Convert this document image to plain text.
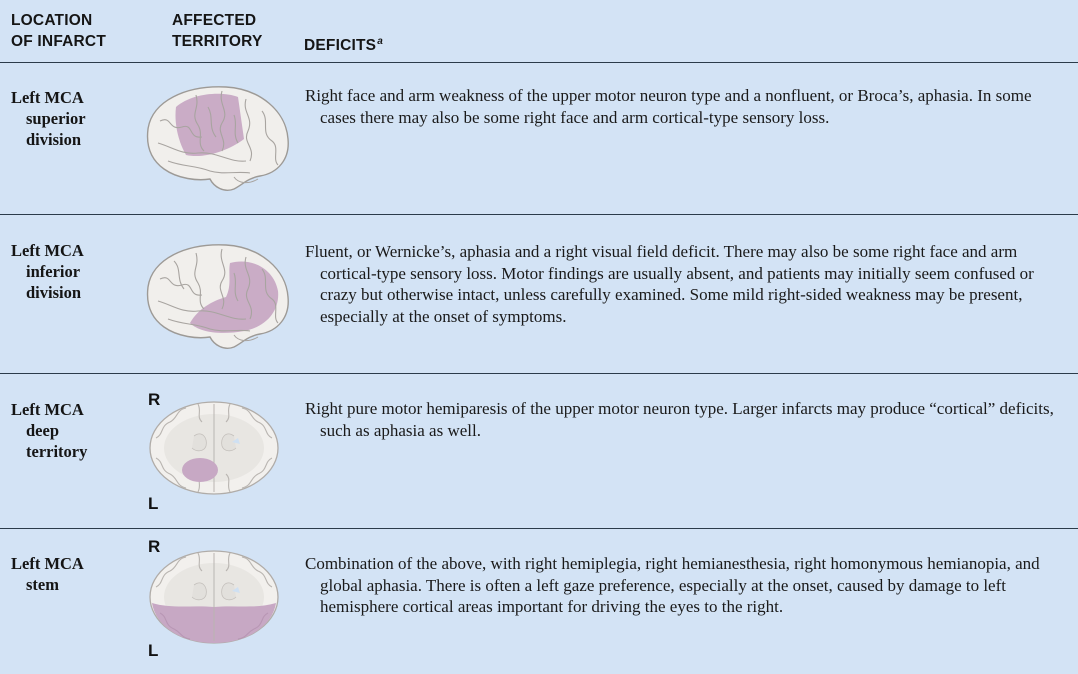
LOCATION
OF INFARCT
AFFECTED
TERRITORY	DEFICITS$^a$
Left MCA
superior
division
Right face and arm weakness of the upper motor neuron type and a nonfluent, or Broca’s, aphasia. In some cases there may also be some right face and arm cortical-type sensory loss.
Left MCA
inferior
division
Fluent, or Wernicke’s, aphasia and a right visual field deficit. There may also be some right face and arm cortical-type sensory loss. Motor findings are usually absent, and patients may initially seem confused or crazy but otherwise intact, unless carefully examined. Some mild right-sided weakness may be present, especially at the onset of symptoms.
Left MCA
deep
territory
R
L
Right pure motor hemiparesis of the upper motor neuron type. Larger infarcts may produce “cortical” deficits, such as aphasia as well.
Left MCA
stem
R
L
Combination of the above, with right hemiplegia, right hemianesthesia, right homonymous hemianopia, and global aphasia. There is often a left gaze preference, especially at the onset, caused by damage to left hemisphere cortical areas important for driving the eyes to the right.
